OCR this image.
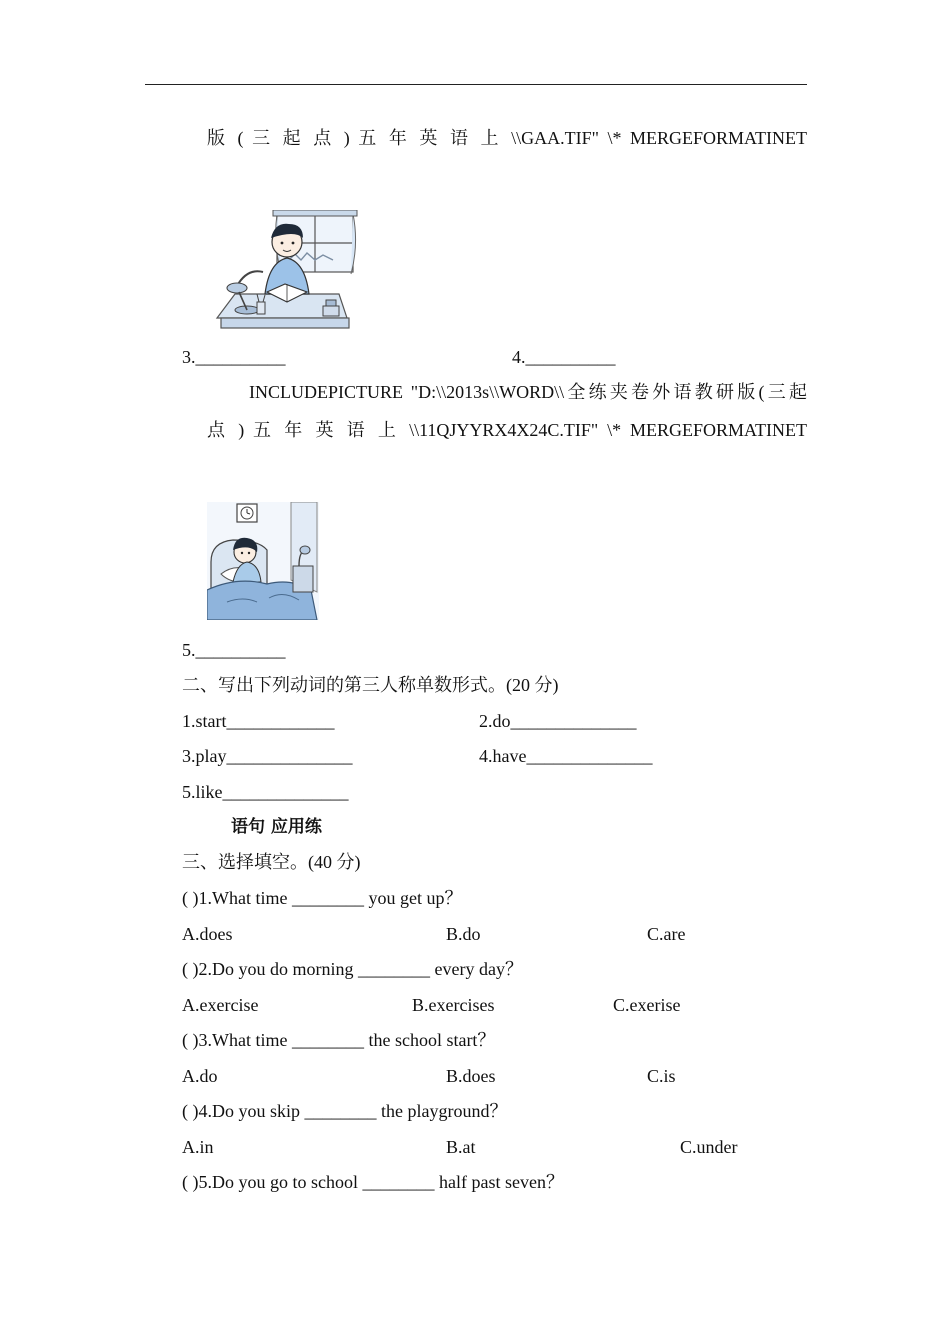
版 ( 三 起 点 ) 五 年 英 语 上 \\GAA.TIF" \* MERGEFORMATINET
3.__________	4.__________
INCLUDEPICTURE "D:\\2013s\\WORD\\全练夹卷外语教研版(三起
点 ) 五 年 英 语 上 \\11QJYYRX4X24C.TIF" \* MERGEFORMATINET
5.__________
二、写出下列动词的第三人称单数形式。(20 分)
1.start____________	2.do______________
3.play______________	4.have______________
5.like______________
语句 应用练
三、选择填空。(40 分)
( )1.What time ________ you get up？
A.does	B.do	C.are
( )2.Do you do morning ________ every day？
A.exercise	B.exercises	C.exerise
( )3.What time ________ the school start？
A.do	B.does	C.is
( )4.Do you skip ________ the playground？
A.in	B.at	C.under
( )5.Do you go to school ________ half past seven？
